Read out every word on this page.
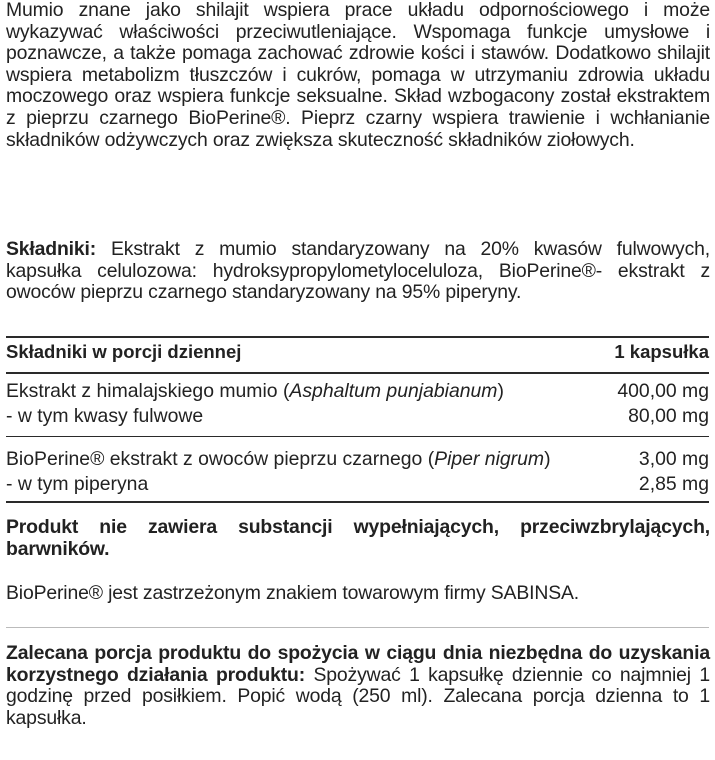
Mumio znane jako shilajit wspiera prace układu odpornościowego i może wykazywać właściwości przeciwutleniające. Wspomaga funkcje umysłowe i poznawcze, a także pomaga zachować zdrowie kości i stawów. Dodatkowo shilajit wspiera metabolizm tłuszczów i cukrów, pomaga w utrzymaniu zdrowia układu moczowego oraz wspiera funkcje seksualne. Skład wzbogacony został ekstraktem z pieprzu czarnego BioPerine®. Pieprz czarny wspiera trawienie i wchłanianie składników odżywczych oraz zwiększa skuteczność składników ziołowych.
Składniki: Ekstrakt z mumio standaryzowany na 20% kwasów fulwowych, kapsułka celulozowa: hydroksypropylometyloceluloza, BioPerine®- ekstrakt z owoców pieprzu czarnego standaryzowany na 95% piperyny.
Składniki w porcji dziennej	1 kapsułka
Ekstrakt z himalajskiego mumio (Asphaltum punjabianum)	400,00 mg
- w tym kwasy fulwowe	80,00 mg
BioPerine® ekstrakt z owoców pieprzu czarnego (Piper nigrum)	3,00 mg
- w tym piperyna	2,85 mg
Produkt nie zawiera substancji wypełniających, przeciwzbrylających, barwników.
BioPerine® jest zastrzeżonym znakiem towarowym firmy SABINSA.
Zalecana porcja produktu do spożycia w ciągu dnia niezbędna do uzyskania korzystnego działania produktu: Spożywać 1 kapsułkę dziennie co najmniej 1 godzinę przed posiłkiem. Popić wodą (250 ml). Zalecana porcja dzienna to 1 kapsułka.
